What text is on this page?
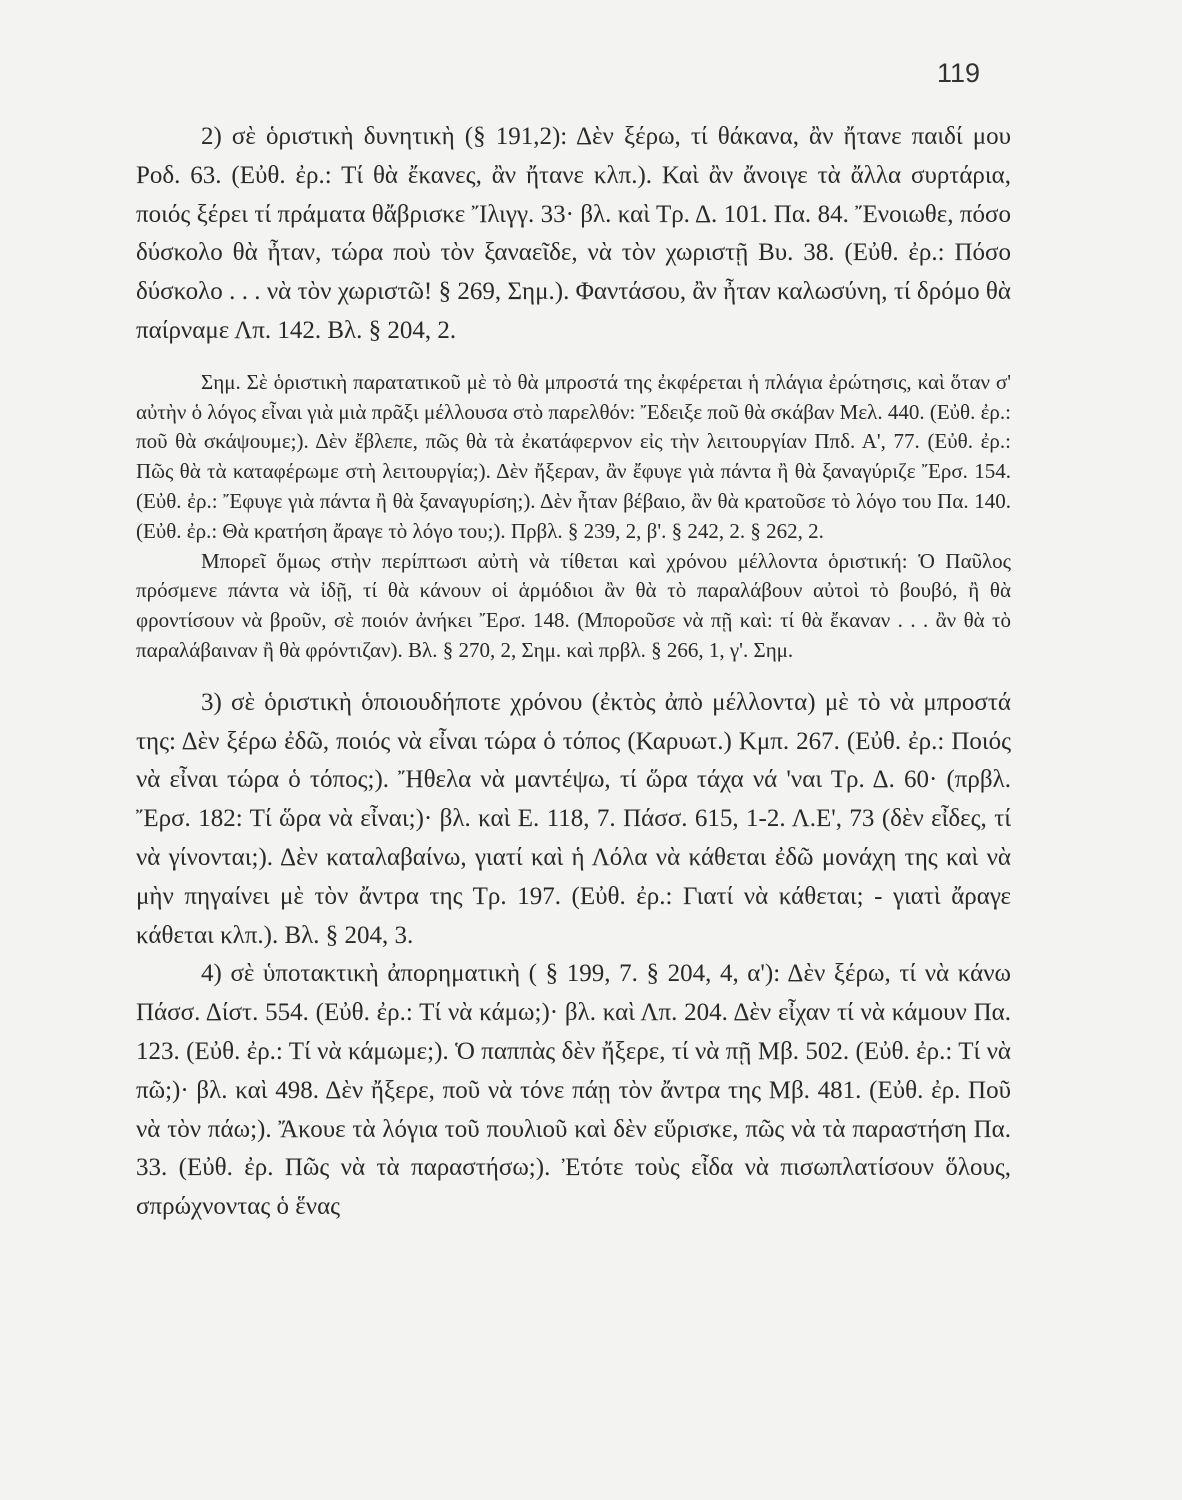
119

2) σὲ ὁριστικὴ δυνητικὴ (§ 191,2): Δὲν ξέρω, τί θάκανα, ἂν ἤτανε παιδί μου Ροδ. 63. (Εὐθ. ἐρ.: Τί θὰ ἔκανες, ἂν ἤτανε κλπ.). Καὶ ἂν ἄνοιγε τὰ ἄλλα συρτάρια, ποιός ξέρει τί πράματα θἄβρισκε Ἴλιγγ. 33· βλ. καὶ Τρ. Δ. 101. Πα. 84. Ἔνοιωθε, πόσο δύσκολο θὰ ἦταν, τώρα ποὺ τὸν ξαναεῖδε, νὰ τὸν χωριστῇ Βυ. 38. (Εὐθ. ἐρ.: Πόσο δύσκολο . . . νὰ τὸν χωριστῶ! § 269, Σημ.). Φαντάσου, ἂν ἦταν καλωσύνη, τί δρόμο θὰ παίρναμε Λπ. 142. Βλ. § 204, 2.

Σημ. Σὲ ὁριστικὴ παρατατικοῦ μὲ τὸ θὰ μπροστά της ἐκφέρεται ἡ πλάγια ἐρώτησις, καὶ ὅταν σ' αὐτὴν ὁ λόγος εἶναι γιὰ μιὰ πρᾶξι μέλλουσα στὸ παρελθόν: Ἔδειξε ποῦ θὰ σκάβαν Μελ. 440. (Εὐθ. ἐρ.: ποῦ θὰ σκάψουμε;). Δὲν ἔβλεπε, πῶς θὰ τὰ ἐκατάφερνον εἰς τὴν λειτουργίαν Ππδ. Α', 77. (Εὐθ. ἐρ.: Πῶς θὰ τὰ καταφέρωμε στὴ λειτουργία;). Δὲν ἤξεραν, ἂν ἔφυγε γιὰ πάντα ἢ θὰ ξαναγύριζε Ἔρσ. 154. (Εὐθ. ἐρ.: Ἔφυγε γιὰ πάντα ἢ θὰ ξαναγυρίση;). Δὲν ἦταν βέβαιο, ἂν θὰ κρατοῦσε τὸ λόγο του Πα. 140. (Εὐθ. ἐρ.: Θὰ κρατήση ἄραγε τὸ λόγο του;). Πρβλ. § 239, 2, β'. § 242, 2. § 262, 2.

Μπορεῖ ὅμως στὴν περίπτωσι αὐτὴ νὰ τίθεται καὶ χρόνου μέλλοντα ὁριστική: Ὁ Παῦλος πρόσμενε πάντα νὰ ἰδῇ, τί θὰ κάνουν οἱ ἁρμόδιοι ἂν θὰ τὸ παραλάβουν αὐτοὶ τὸ βουβό, ἢ θὰ φροντίσουν νὰ βροῦν, σὲ ποιόν ἀνήκει Ἔρσ. 148. (Μποροῦσε νὰ πῇ καὶ: τί θὰ ἔκαναν . . . ἂν θὰ τὸ παραλάβαιναν ἢ θὰ φρόντιζαν). Βλ. § 270, 2, Σημ. καὶ πρβλ. § 266, 1, γ'. Σημ.

3) σὲ ὁριστικὴ ὁποιουδήποτε χρόνου (ἐκτὸς ἀπὸ μέλλοντα) μὲ τὸ νὰ μπροστά της: Δὲν ξέρω ἐδῶ, ποιός νὰ εἶναι τώρα ὁ τόπος (Καρυωτ.) Κμπ. 267. (Εὐθ. ἐρ.: Ποιός νὰ εἶναι τώρα ὁ τόπος;). Ἤθελα νὰ μαντέψω, τί ὥρα τάχα νά 'ναι Τρ. Δ. 60· (πρβλ. Ἔρσ. 182: Τί ὥρα νὰ εἶναι;)· βλ. καὶ Ε. 118, 7. Πάσσ. 615, 1-2. Λ.Ε', 73 (δὲν εἶδες, τί νὰ γίνονται;). Δὲν καταλαβαίνω, γιατί καὶ ἡ Λόλα νὰ κάθεται ἐδῶ μονάχη της καὶ νὰ μὴν πηγαίνει μὲ τὸν ἄντρα της Τρ. 197. (Εὐθ. ἐρ.: Γιατί νὰ κάθεται; - γιατὶ ἄραγε κάθεται κλπ.). Βλ. § 204, 3.

4) σὲ ὑποτακτικὴ ἀπορηματικὴ ( § 199, 7. § 204, 4, α'): Δὲν ξέρω, τί νὰ κάνω Πάσσ. Δίστ. 554. (Εὐθ. ἐρ.: Τί νὰ κάμω;)· βλ. καὶ Λπ. 204. Δὲν εἶχαν τί νὰ κάμουν Πα. 123. (Εὐθ. ἐρ.: Τί νὰ κάμωμε;). Ὁ παππὰς δὲν ἤξερε, τί νὰ πῇ Μβ. 502. (Εὐθ. ἐρ.: Τί νὰ πῶ;)· βλ. καὶ 498. Δὲν ἤξερε, ποῦ νὰ τόνε πάῃ τὸν ἄντρα της Μβ. 481. (Εὐθ. ἐρ. Ποῦ νὰ τὸν πάω;). Ἄκουε τὰ λόγια τοῦ πουλιοῦ καὶ δὲν εὕρισκε, πῶς νὰ τὰ παραστήση Πα. 33. (Εὐθ. ἐρ. Πῶς νὰ τὰ παραστήσω;). Ἐτότε τοὺς εἶδα νὰ πισωπλατίσουν ὅλους, σπρώχνοντας ὁ ἕνας
